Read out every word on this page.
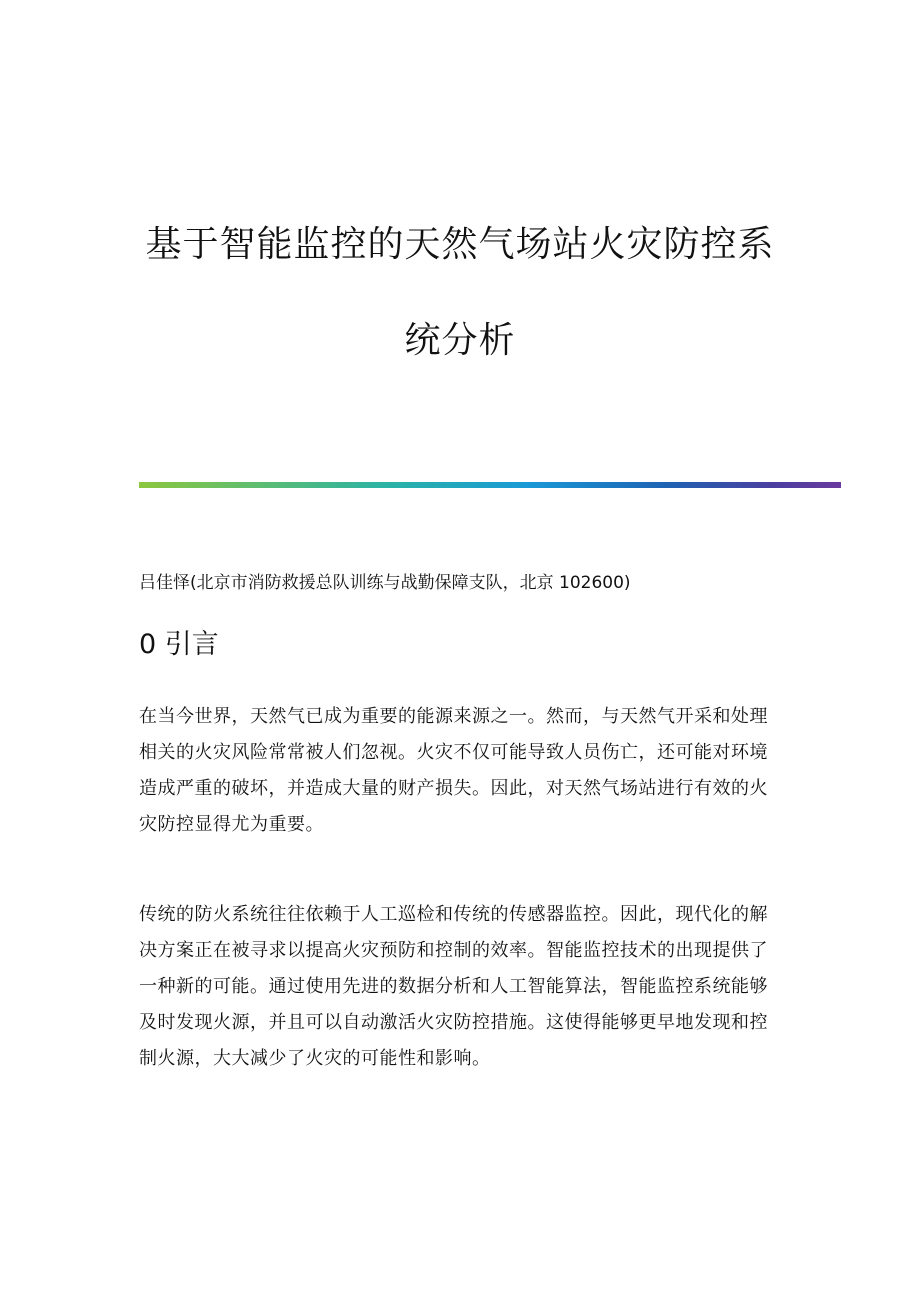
基于智能监控的天然气场站火灾防控系
统分析
吕佳怿(北京市消防救援总队训练与战勤保障支队，北京 102600)
0 引言
在当今世界，天然气已成为重要的能源来源之一。然而，与天然气开采和处理相关的火灾风险常常被人们忽视。火灾不仅可能导致人员伤亡，还可能对环境造成严重的破坏，并造成大量的财产损失。因此，对天然气场站进行有效的火灾防控显得尤为重要。
传统的防火系统往往依赖于人工巡检和传统的传感器监控。因此，现代化的解决方案正在被寻求以提高火灾预防和控制的效率。智能监控技术的出现提供了一种新的可能。通过使用先进的数据分析和人工智能算法，智能监控系统能够及时发现火源，并且可以自动激活火灾防控措施。这使得能够更早地发现和控制火源，大大减少了火灾的可能性和影响。
